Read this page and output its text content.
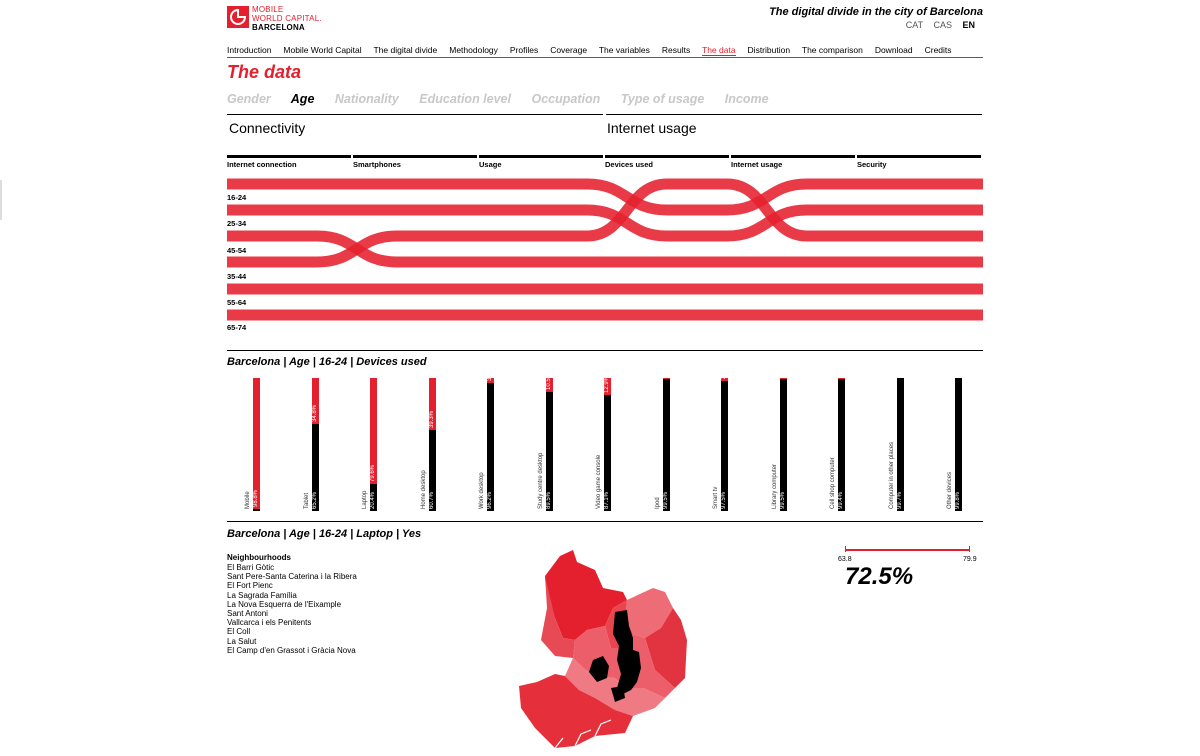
MOBILE
WORLD CAPITAL.
BARCELONA
The digital divide in the city of Barcelona
CAT CAS EN
Introduction Mobile World Capital The digital divide Methodology Profiles Coverage The variables Results The data Distribution The comparison Download Credits
The data
Gender Age Nationality Education level Occupation Type of usage Income
Connectivity	Internet usage
Internet connection	Smartphones	Usage	Devices used	Internet usage	Security
16-24
25-34
45-54
35-44
55-64
65-74
Barcelona | Age | 16-24 | Devices used
98.8%
Mobile
34.8%
65.2%
Tablet
79.6%
20.4%
Laptop
39.3%
60.7%
Home desktop
3.8%
96.2%
Work desktop
10.5%
89.5%
Study centre desktop
12.9%
87.1%
Video game console
0.5%
99.5%
Ipod
2.5%
97.5%
Smart tv
0.5%
99.5%
Library computer
0.6%
99.4%
Cell shop computer
0.3%
99.7%
Computer in other places
0.2%
99.8%
Other devices
Barcelona | Age | 16-24 | Laptop | Yes
Neighbourhoods
El Barri Gòtic
Sant Pere-Santa Caterina i la Ribera
El Fort Pienc
La Sagrada Família
La Nova Esquerra de l'Eixample
Sant Antoni
Vallcarca i els Penitents
El Coll
La Salut
El Camp d'en Grassot i Gràcia Nova
63.8	79.9
72.5%
